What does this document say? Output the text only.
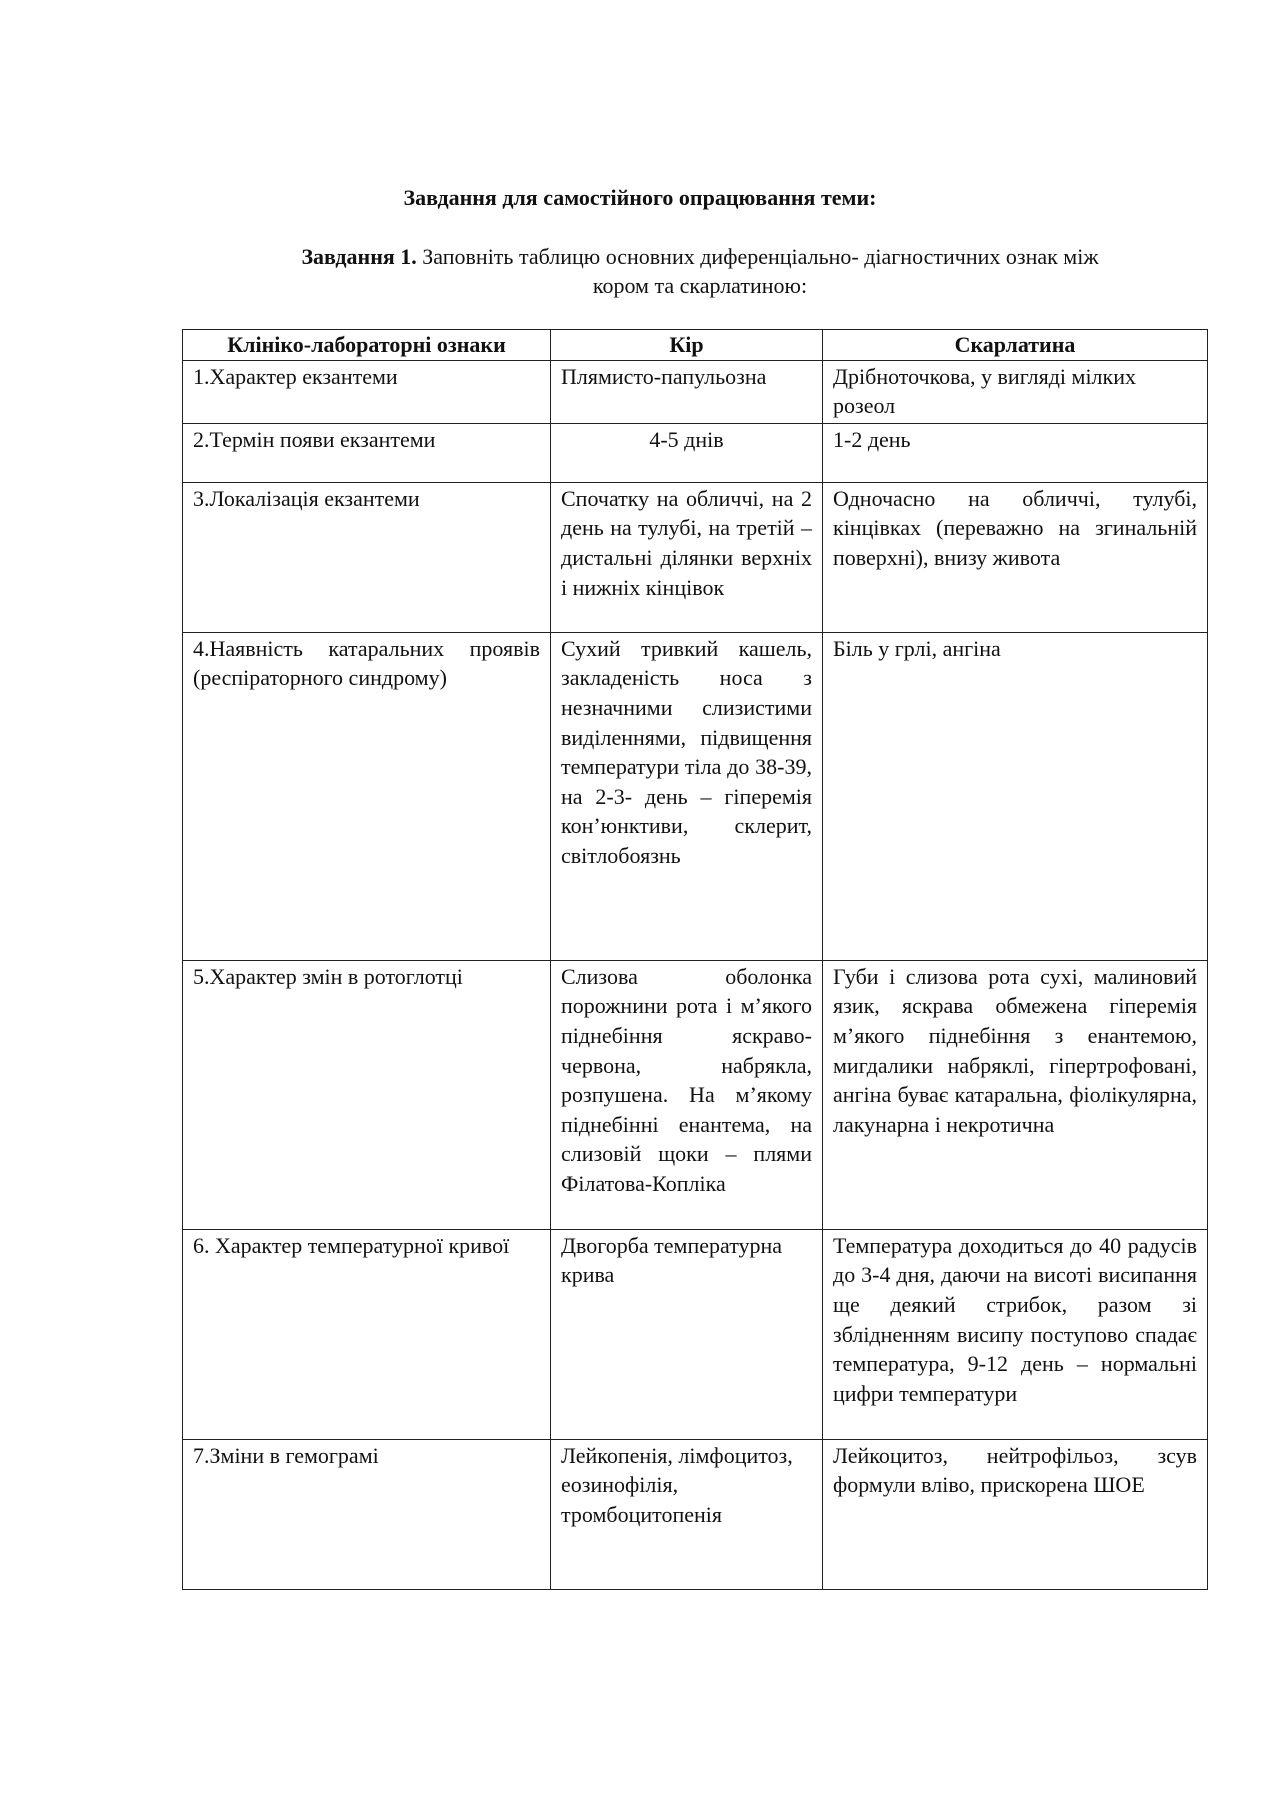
Завдання для самостійного опрацювання теми:
Завдання 1. Заповніть таблицю основних диференціально- діагностичних ознак між
кором та скарлатиною:
Клініко-лабораторні ознаки	Кір	Скарлатина
1.Характер екзантеми	Плямисто-папульозна	Дрібноточкова, у вигляді мілких розеол
2.Термін появи екзантеми	4-5 днів	1-2 день
3.Локалізація екзантеми	Спочатку на обличчі, на 2 день на тулубі, на третій – дистальні ділянки верхніх і нижніх кінцівок	Одночасно на обличчі, тулубі, кінцівках (переважно на згинальній поверхні), внизу живота
4.Наявність катаральних проявів (респіраторного синдрому)	Сухий тривкий кашель, закладеність носа з незначними слизистими виділеннями, підвищення температури тіла до 38-39, на 2-3- день – гіперемія кон’юнктиви, склерит, світлобоязнь	Біль у грлі, ангіна
5.Характер змін в ротоглотці	Слизова оболонка порожнини рота і м’якого піднебіння яскраво- червона, набрякла, розпушена. На м’якому піднебінні енантема, на слизовій щоки – плями Філатова-Копліка	Губи і слизова рота сухі, малиновий язик, яскрава обмежена гіперемія м’якого піднебіння з енантемою, мигдалики набряклі, гіпертрофовані, ангіна буває катаральна, фіолікулярна, лакунарна і некротична
6. Характер температурної кривої	Двогорба температурна крива	Температура доходиться до 40 радусів до 3-4 дня, даючи на висоті висипання ще деякий стрибок, разом зі зблідненням висипу поступово спадає температура, 9-12 день – нормальні цифри температури
7.Зміни в гемограмі	Лейкопенія, лімфоцитоз, еозинофілія, тромбоцитопенія	Лейкоцитоз, нейтрофільоз, зсув формули вліво, прискорена ШОЕ
